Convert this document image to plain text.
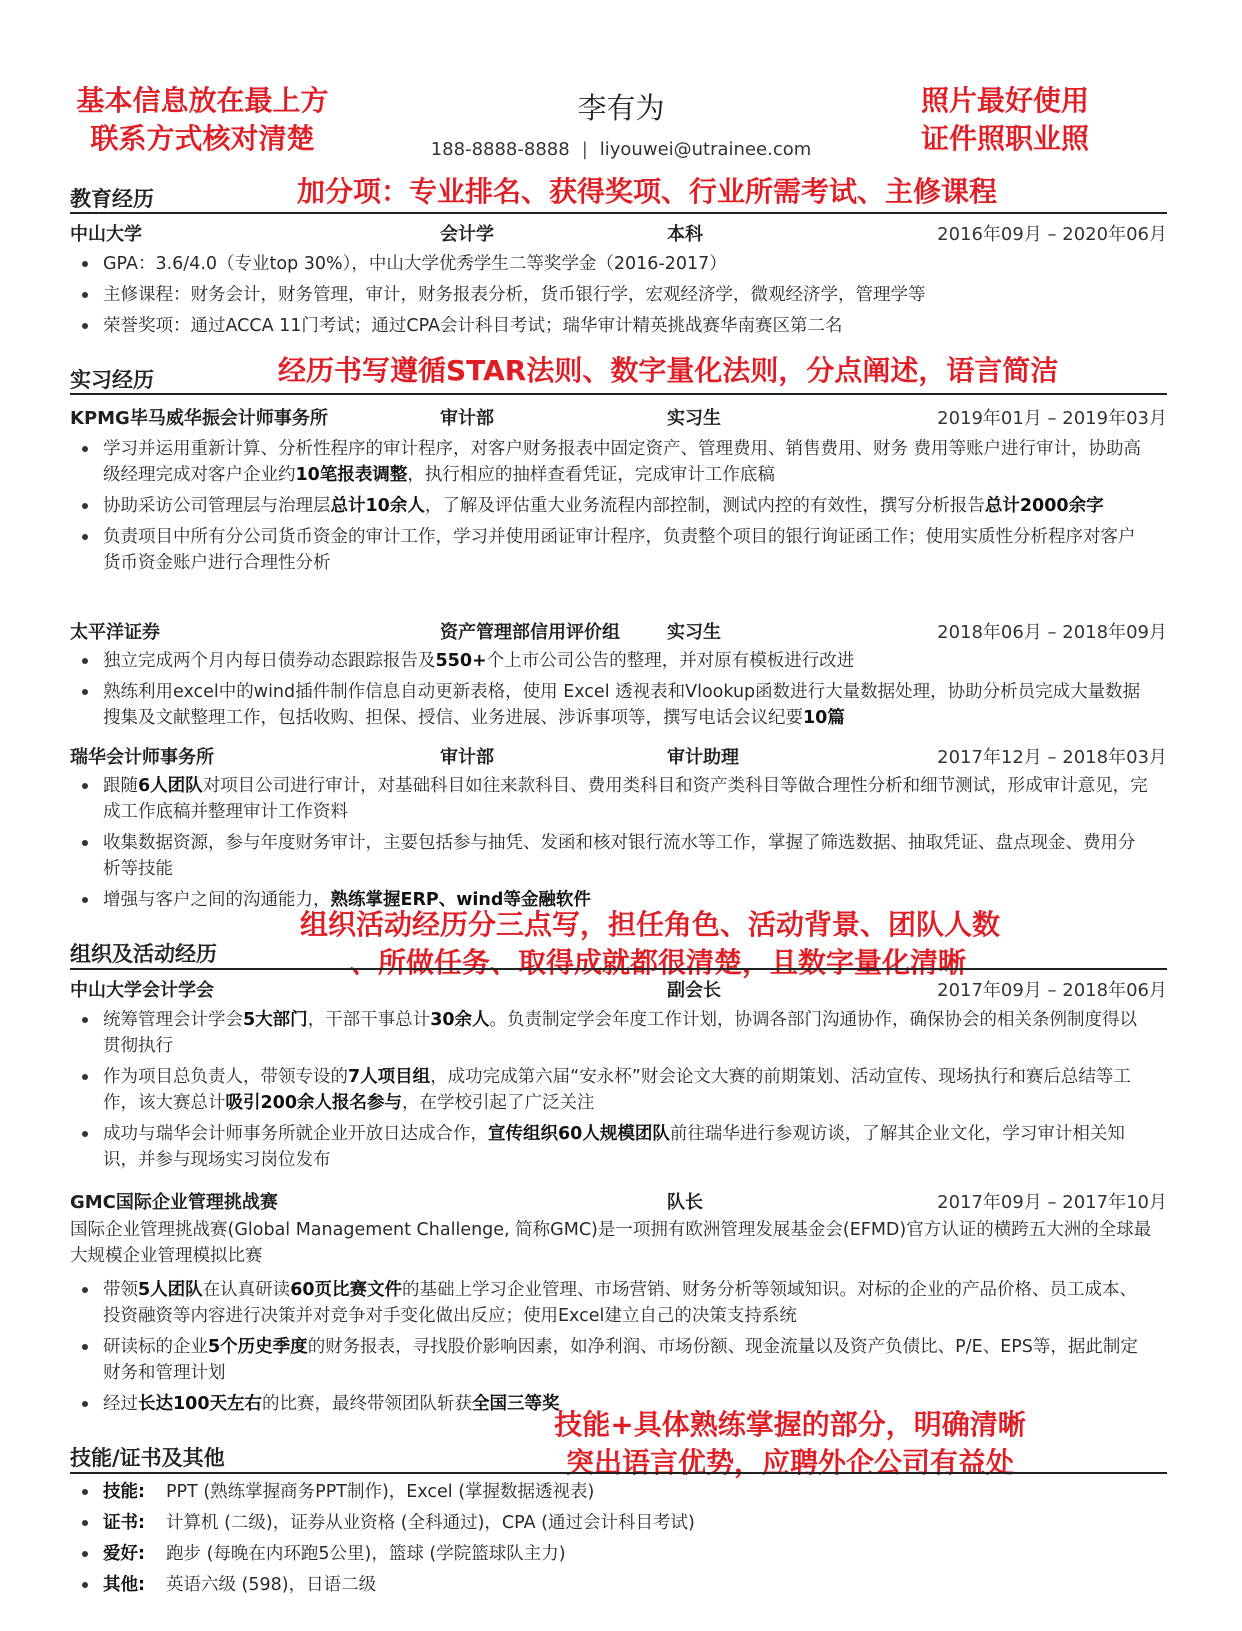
李有为
188-8888-8888 | liyouwei@utrainee.com
基本信息放在最上方
联系方式核对清楚
照片最好使用
证件照职业照
加分项：专业排名、获得奖项、行业所需考试、主修课程
经历书写遵循STAR法则、数字量化法则，分点阐述，语言简洁
组织活动经历分三点写，担任角色、活动背景、团队人数
、所做任务、取得成就都很清楚，且数字量化清晰
技能+具体熟练掌握的部分，明确清晰
突出语言优势，应聘外企公司有益处
教育经历
中山大学	会计学	本科	2016年09月 – 2020年06月
GPA：3.6/4.0（专业top 30%），中山大学优秀学生二等奖学金（2016-2017）
主修课程：财务会计，财务管理，审计，财务报表分析，货币银行学，宏观经济学，微观经济学，管理学等
荣誉奖项：通过ACCA 11门考试；通过CPA会计科目考试；瑞华审计精英挑战赛华南赛区第二名
实习经历
KPMG毕马威华振会计师事务所	审计部	实习生	2019年01月 – 2019年03月
学习并运用重新计算、分析性程序的审计程序，对客户财务报表中固定资产、管理费用、销售费用、财务 费用等账户进行审计，协助高级经理完成对客户企业约10笔报表调整，执行相应的抽样查看凭证，完成审计工作底稿
协助采访公司管理层与治理层总计10余人，了解及评估重大业务流程内部控制，测试内控的有效性，撰写分析报告总计2000余字
负责项目中所有分公司货币资金的审计工作，学习并使用函证审计程序，负责整个项目的银行询证函工作；使用实质性分析程序对客户货币资金账户进行合理性分析
太平洋证券	资产管理部信用评价组	实习生	2018年06月 – 2018年09月
独立完成两个月内每日债券动态跟踪报告及550+个上市公司公告的整理，并对原有模板进行改进
熟练利用excel中的wind插件制作信息自动更新表格，使用 Excel 透视表和Vlookup函数进行大量数据处理，协助分析员完成大量数据搜集及文献整理工作，包括收购、担保、授信、业务进展、涉诉事项等，撰写电话会议纪要10篇
瑞华会计师事务所	审计部	审计助理	2017年12月 – 2018年03月
跟随6人团队对项目公司进行审计，对基础科目如往来款科目、费用类科目和资产类科目等做合理性分析和细节测试，形成审计意见，完成工作底稿并整理审计工作资料
收集数据资源，参与年度财务审计，主要包括参与抽凭、发函和核对银行流水等工作，掌握了筛选数据、抽取凭证、盘点现金、费用分析等技能
增强与客户之间的沟通能力，熟练掌握ERP、wind等金融软件
组织及活动经历
中山大学会计学会	副会长	2017年09月 – 2018年06月
统筹管理会计学会5大部门，干部干事总计30余人。负责制定学会年度工作计划，协调各部门沟通协作，确保协会的相关条例制度得以贯彻执行
作为项目总负责人，带领专设的7人项目组，成功完成第六届“安永杯”财会论文大赛的前期策划、活动宣传、现场执行和赛后总结等工作，该大赛总计吸引200余人报名参与，在学校引起了广泛关注
成功与瑞华会计师事务所就企业开放日达成合作，宣传组织60人规模团队前往瑞华进行参观访谈，了解其企业文化，学习审计相关知识，并参与现场实习岗位发布
GMC国际企业管理挑战赛	队长	2017年09月 – 2017年10月
国际企业管理挑战赛(Global Management Challenge, 简称GMC)是一项拥有欧洲管理发展基金会(EFMD)官方认证的横跨五大洲的全球最大规模企业管理模拟比赛
带领5人团队在认真研读60页比赛文件的基础上学习企业管理、市场营销、财务分析等领域知识。对标的企业的产品价格、员工成本、投资融资等内容进行决策并对竞争对手变化做出反应；使用Excel建立自己的决策支持系统
研读标的企业5个历史季度的财务报表，寻找股价影响因素，如净利润、市场份额、现金流量以及资产负债比、P/E、EPS等，据此制定财务和管理计划
经过长达100天左右的比赛，最终带领团队斩获全国三等奖
技能/证书及其他
技能: PPT (熟练掌握商务PPT制作)，Excel (掌握数据透视表)
证书: 计算机 (二级)，证券从业资格 (全科通过)，CPA (通过会计科目考试)
爱好: 跑步 (每晚在内环跑5公里)，篮球 (学院篮球队主力)
其他: 英语六级 (598)，日语二级
